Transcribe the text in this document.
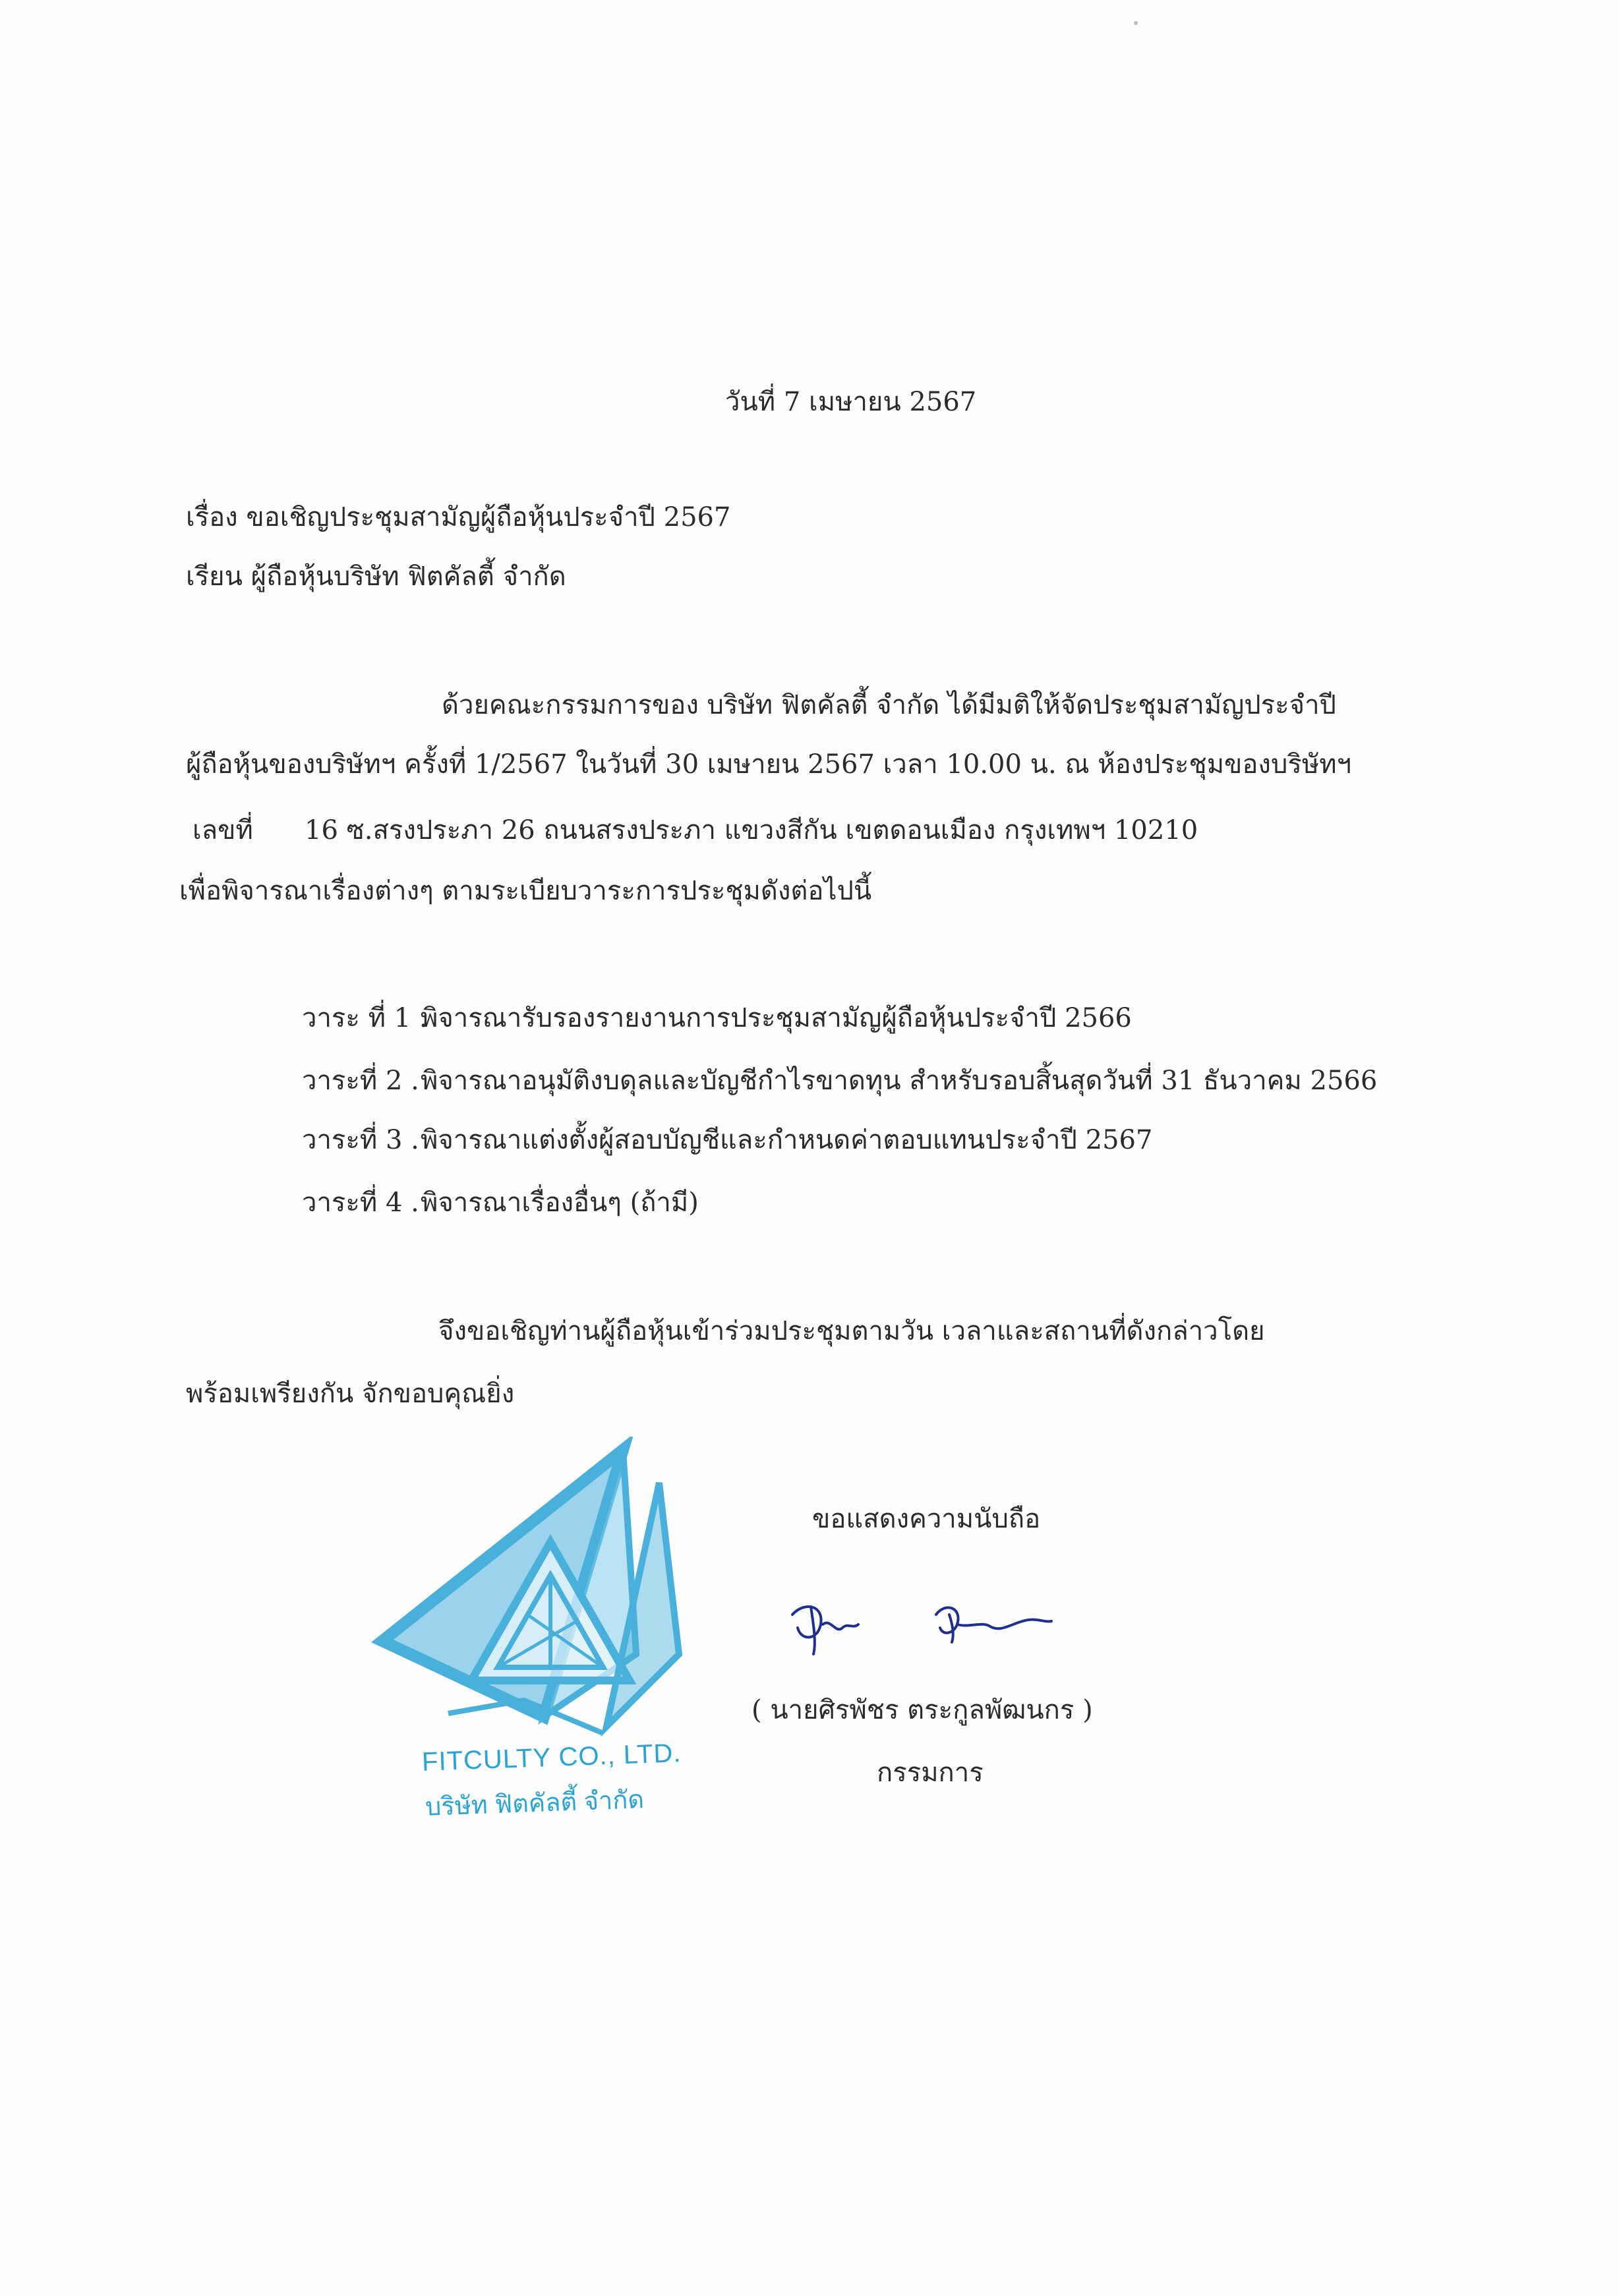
วันที่ 7 เมษายน 2567
เรื่อง ขอเชิญประชุมสามัญผู้ถือหุ้นประจำปี 2567
เรียน ผู้ถือหุ้นบริษัท ฟิตคัลตี้ จำกัด
ด้วยคณะกรรมการของ บริษัท ฟิตคัลตี้ จำกัด ได้มีมติให้จัดประชุมสามัญประจำปี
ผู้ถือหุ้นของบริษัทฯ ครั้งที่ 1/2567 ในวันที่ 30 เมษายน 2567 เวลา 10.00 น. ณ ห้องประชุมของบริษัทฯ
เลขที่ 16 ซ.สรงประภา 26 ถนนสรงประภา แขวงสีกัน เขตดอนเมือง กรุงเทพฯ 10210
เพื่อพิจารณาเรื่องต่างๆ ตามระเบียบวาระการประชุมดังต่อไปนี้
วาระ ที่ 1 .พิจารณารับรองรายงานการประชุมสามัญผู้ถือหุ้นประจำปี 2566
วาระที่ 2 .พิจารณาอนุมัติงบดุลและบัญชีกำไรขาดทุน สำหรับรอบสิ้นสุดวันที่ 31 ธันวาคม 2566
วาระที่ 3 .พิจารณาแต่งตั้งผู้สอบบัญชีและกำหนดค่าตอบแทนประจำปี 2567
วาระที่ 4 .พิจารณาเรื่องอื่นๆ (ถ้ามี)
จึงขอเชิญท่านผู้ถือหุ้นเข้าร่วมประชุมตามวัน เวลาและสถานที่ดังกล่าวโดย
พร้อมเพรียงกัน จักขอบคุณยิ่ง
FITCULTY CO., LTD.
บริษัท ฟิตคัลตี้ จำกัด
ขอแสดงความนับถือ
( นายศิรพัชร ตระกูลพัฒนกร )
กรรมการ
